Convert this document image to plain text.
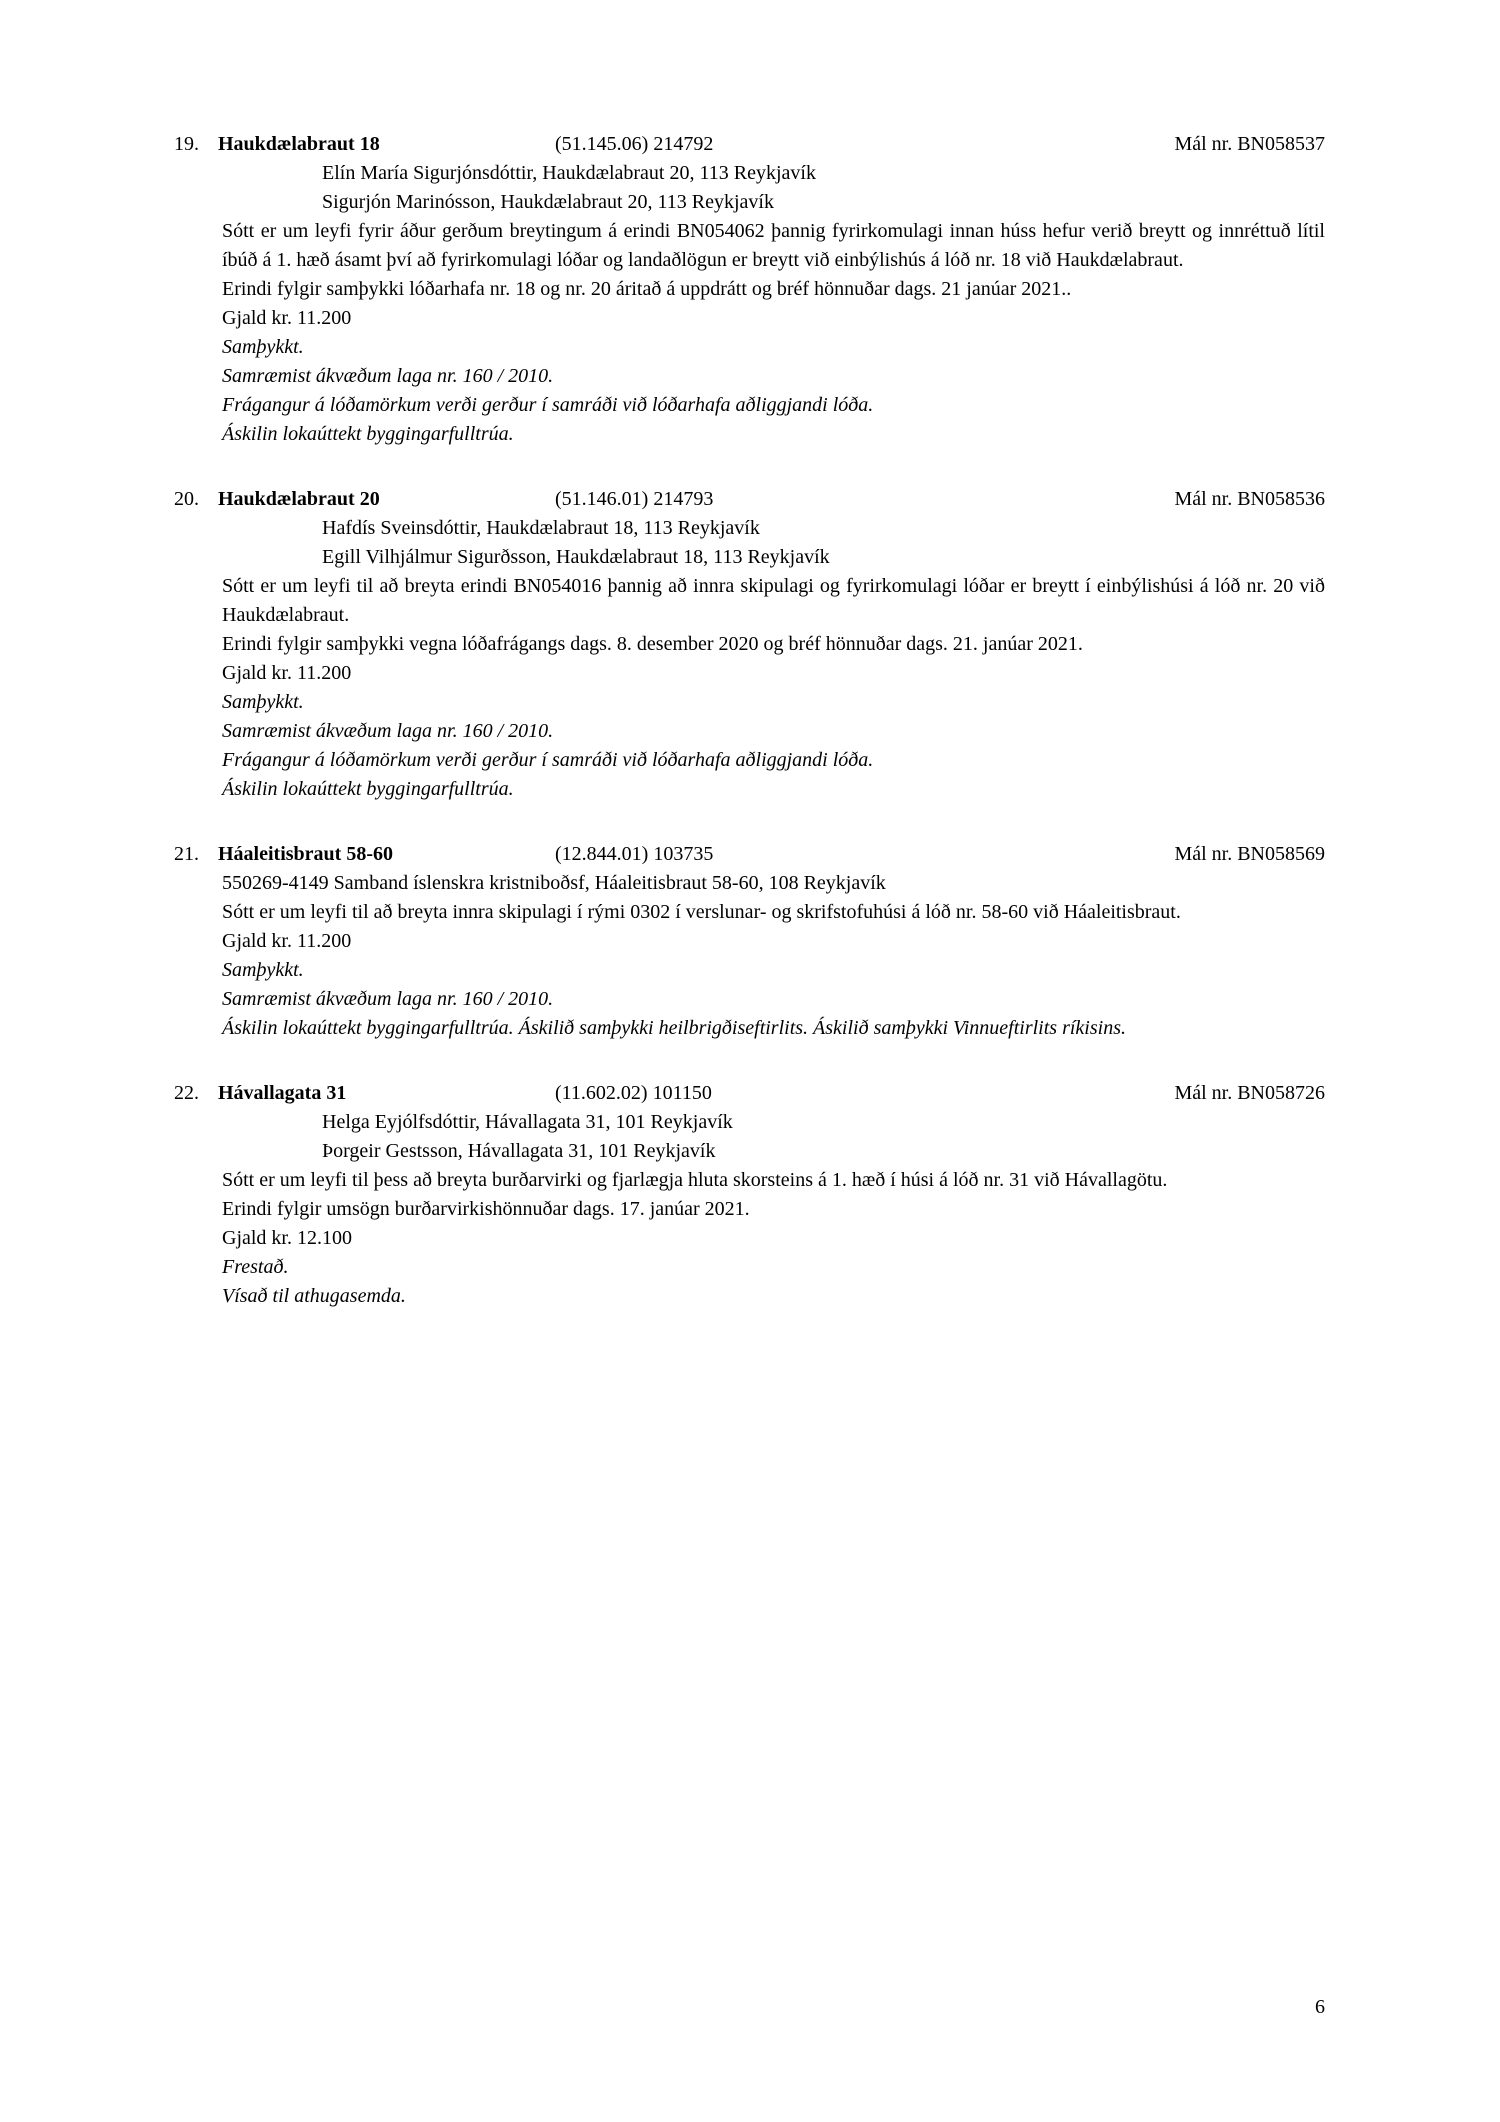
19. Haukdælabraut 18	(51.145.06) 214792	Mál nr. BN058537
Elín María Sigurjónsdóttir, Haukdælabraut 20, 113 Reykjavík
Sigurjón Marinósson, Haukdælabraut 20, 113 Reykjavík

Sótt er um leyfi fyrir áður gerðum breytingum á erindi BN054062 þannig fyrirkomulagi innan húss hefur verið breytt og innréttuð lítil íbúð á 1. hæð ásamt því að fyrirkomulagi lóðar og landaðlögun er breytt við einbýlishús á lóð nr. 18 við Haukdælabraut.

Erindi fylgir samþykki lóðarhafa nr. 18 og nr. 20 áritað á uppdrátt og bréf hönnuðar dags. 21 janúar 2021..

Gjald kr. 11.200

Samþykkt.

Samræmist ákvæðum laga nr. 160 / 2010.

Frágangur á lóðamörkum verði gerður í samráði við lóðarhafa aðliggjandi lóða.

Áskilin lokaúttekt byggingarfulltrúa.

20. Haukdælabraut 20	(51.146.01) 214793	Mál nr. BN058536
Hafdís Sveinsdóttir, Haukdælabraut 18, 113 Reykjavík
Egill Vilhjálmur Sigurðsson, Haukdælabraut 18, 113 Reykjavík

Sótt er um leyfi til að breyta erindi BN054016 þannig að innra skipulagi og fyrirkomulagi lóðar er breytt í einbýlishúsi á lóð nr. 20 við Haukdælabraut.

Erindi fylgir samþykki vegna lóðafrágangs dags. 8. desember 2020 og bréf hönnuðar dags. 21. janúar 2021.

Gjald kr. 11.200

Samþykkt.

Samræmist ákvæðum laga nr. 160 / 2010.

Frágangur á lóðamörkum verði gerður í samráði við lóðarhafa aðliggjandi lóða.

Áskilin lokaúttekt byggingarfulltrúa.

21. Háaleitisbraut 58-60	(12.844.01) 103735	Mál nr. BN058569
550269-4149 Samband íslenskra kristniboðsf, Háaleitisbraut 58-60, 108 Reykjavík

Sótt er um leyfi til að breyta innra skipulagi í rými 0302 í verslunar- og skrifstofuhúsi á lóð nr. 58-60 við Háaleitisbraut.

Gjald kr. 11.200

Samþykkt.

Samræmist ákvæðum laga nr. 160 / 2010.

Áskilin lokaúttekt byggingarfulltrúa. Áskilið samþykki heilbrigðiseftirlits. Áskilið samþykki Vinnueftirlits ríkisins.

22. Hávallagata 31	(11.602.02) 101150	Mál nr. BN058726
Helga Eyjólfsdóttir, Hávallagata 31, 101 Reykjavík
Þorgeir Gestsson, Hávallagata 31, 101 Reykjavík

Sótt er um leyfi til þess að breyta burðarvirki og fjarlægja hluta skorsteins á 1. hæð í húsi á lóð nr. 31 við Hávallagötu.

Erindi fylgir umsögn burðarvirkishönnuðar dags. 17. janúar 2021.

Gjald kr. 12.100

Frestað.

Vísað til athugasemda.

6
